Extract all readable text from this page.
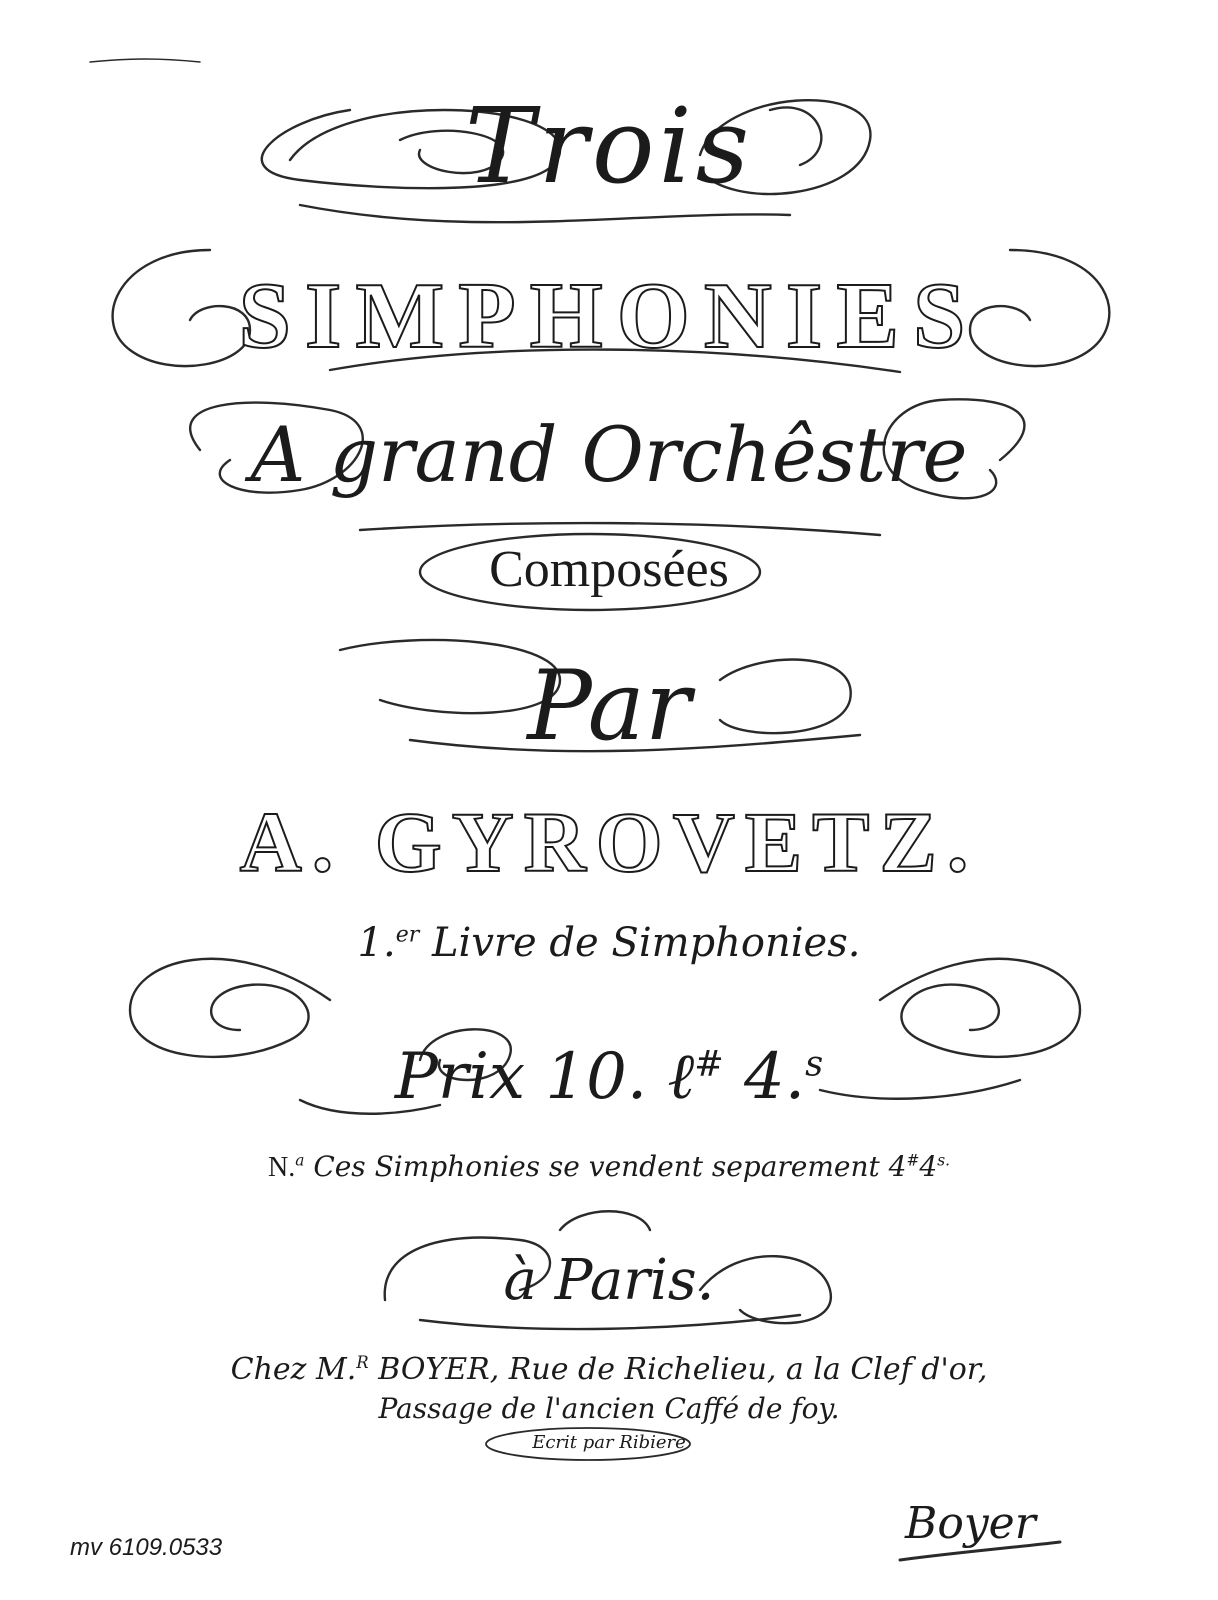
Trois
SIMPHONIES
A grand Orchêstre
Composées
Par
A. GYROVETZ.
1.$^{er}$ Livre de Simphonies.
Prix 10. ℓ# 4.$^s$
N.$^a$ Ces Simphonies se vendent separement $4^{\#}4^{s.}$
à Paris.
Chez M.$^R$ BOYER, Rue de Richelieu, a la Clef d'or,
Passage de l'ancien Caffé de foy.
Ecrit par Ribiere
Boyer
mv 6109.0533
